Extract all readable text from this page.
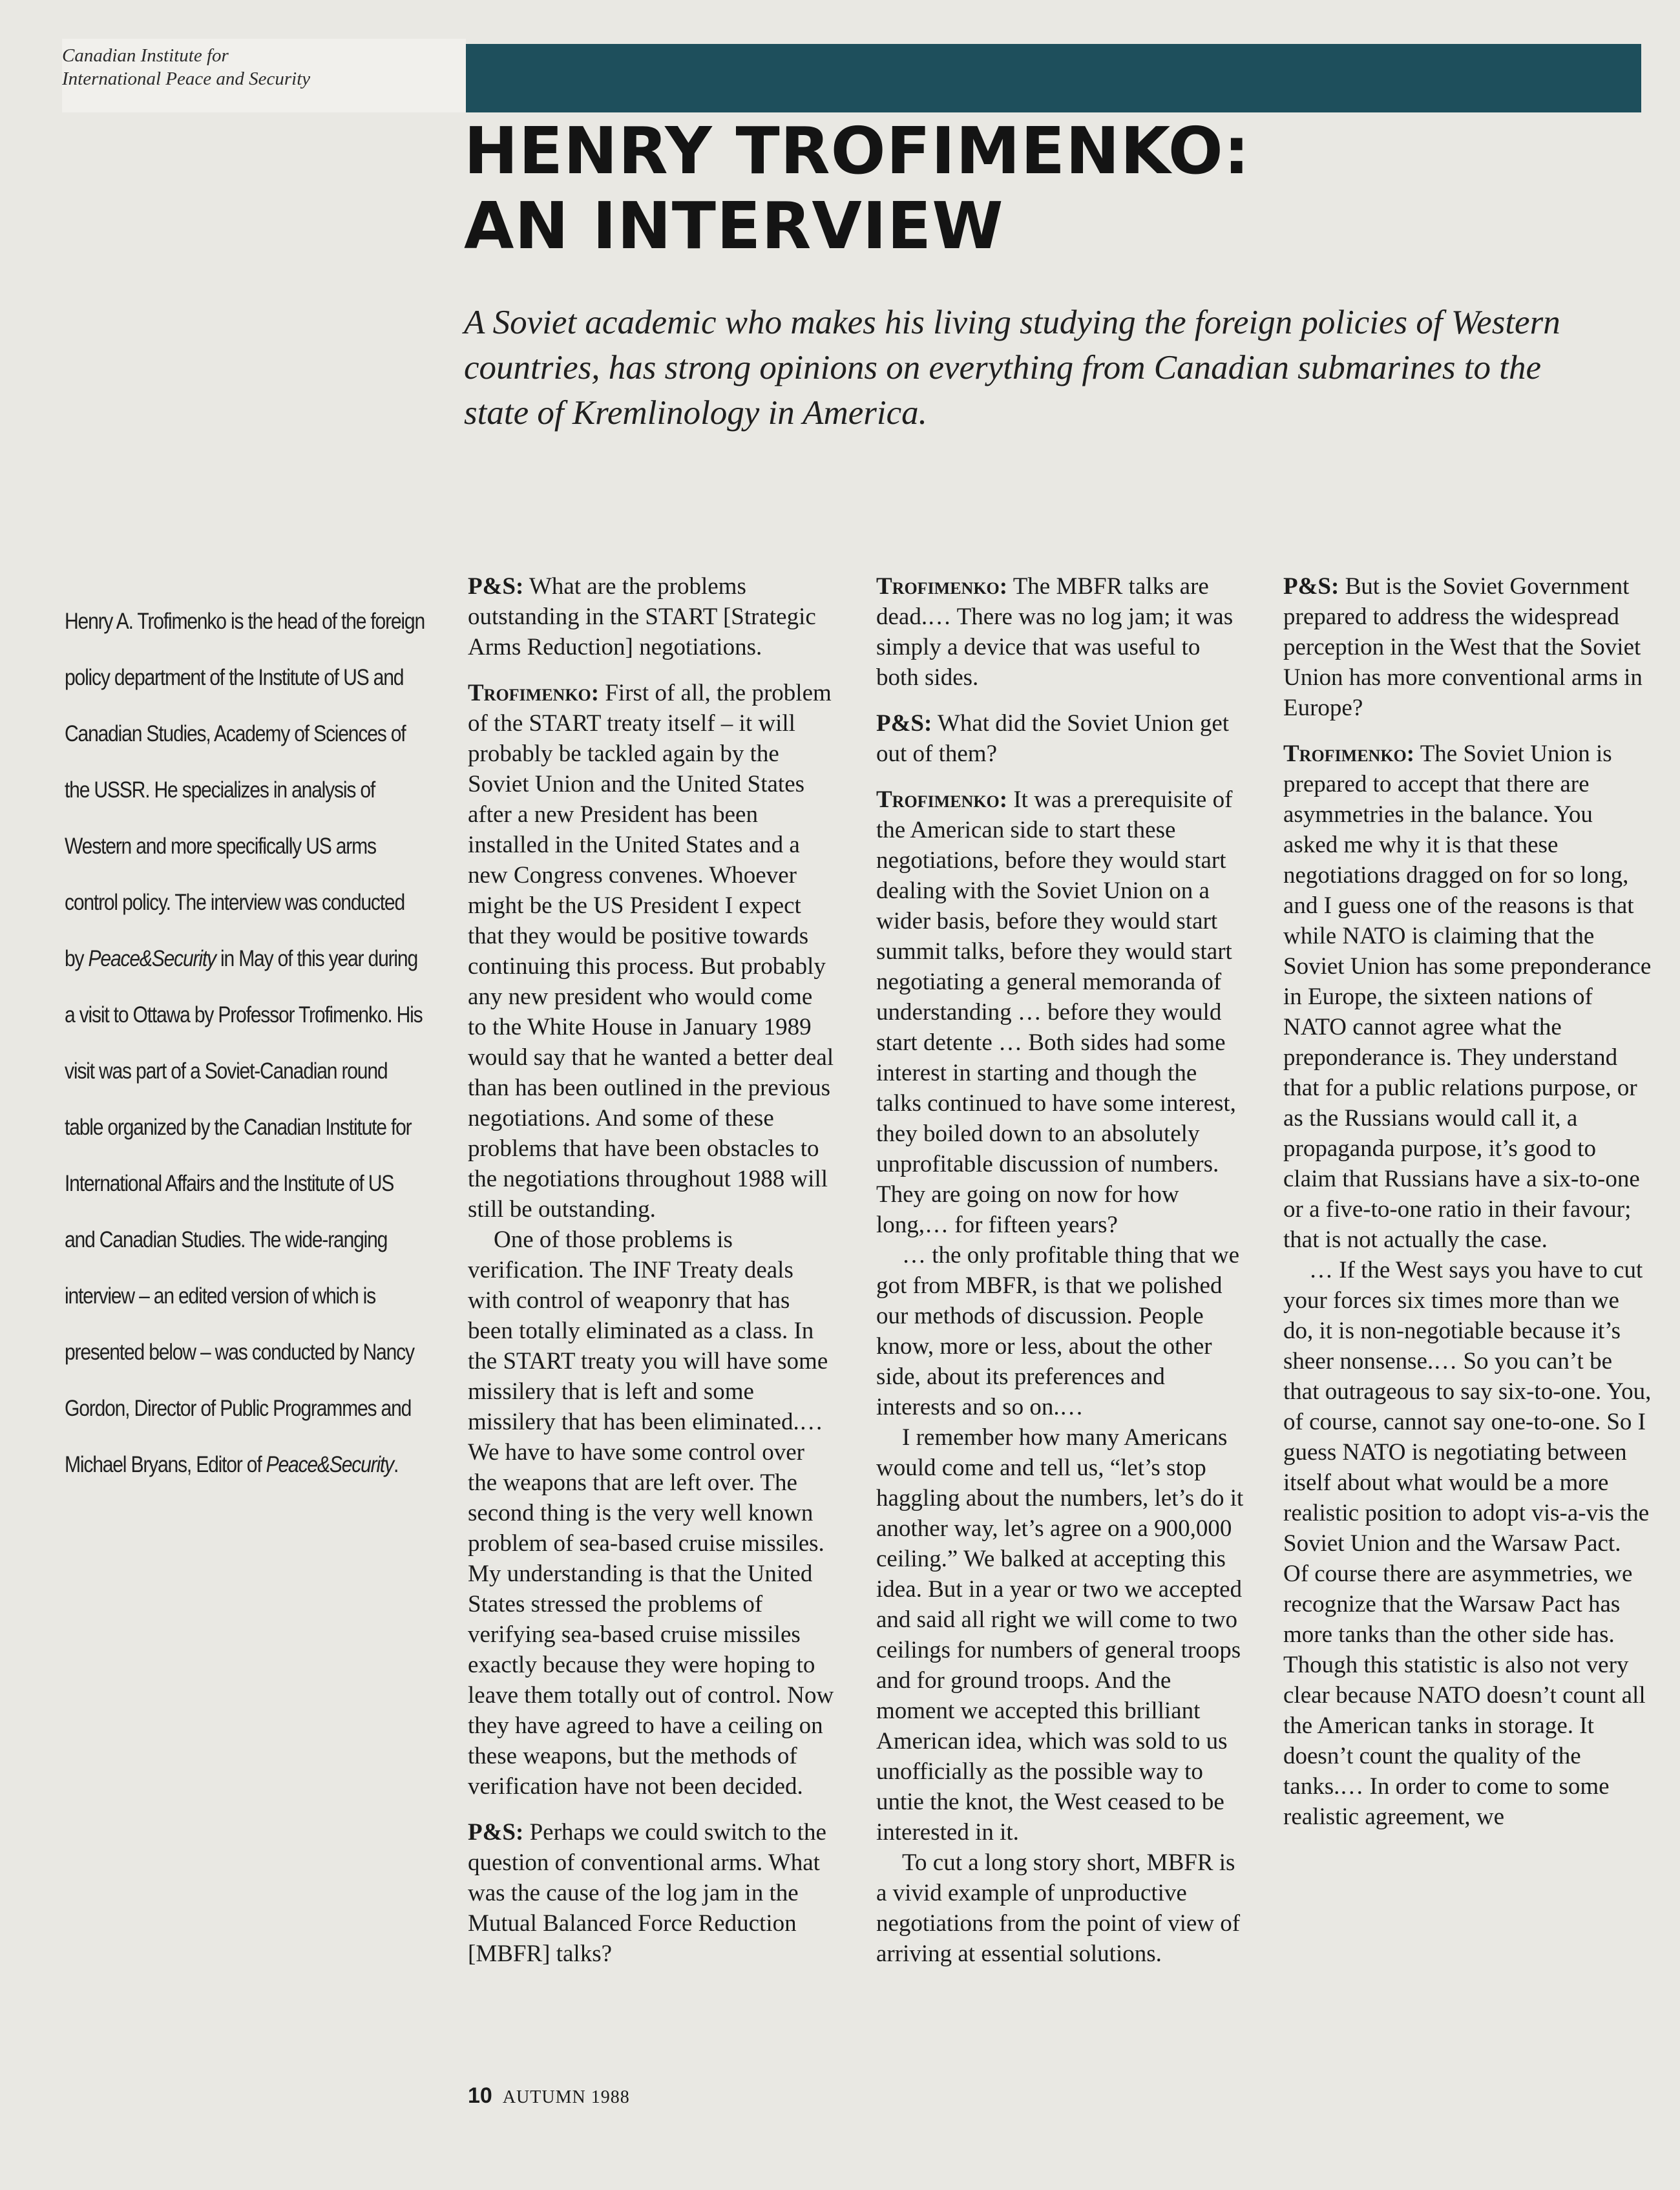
Canadian Institute for
International Peace and Security
HENRY TROFIMENKO:
AN INTERVIEW

A Soviet academic who makes his living studying the foreign policies of Western countries, has strong opinions on everything from Canadian submarines to the state of Kremlinology in America.

Henry A. Trofimenko is the head of the foreign policy department of the Institute of US and Canadian Studies, Academy of Sciences of the USSR. He specializes in analysis of Western and more specifically US arms control policy. The interview was conducted by Peace&Security in May of this year during a visit to Ottawa by Professor Trofimenko. His visit was part of a Soviet-Canadian round table organized by the Canadian Institute for International Affairs and the Institute of US and Canadian Studies. The wide-ranging interview – an edited version of which is presented below – was conducted by Nancy Gordon, Director of Public Programmes and Michael Bryans, Editor of Peace&Security.

P&S: What are the problems outstanding in the START [Strategic Arms Reduction] negotiations.

Trofimenko: First of all, the problem of the START treaty itself – it will probably be tackled again by the Soviet Union and the United States after a new President has been installed in the United States and a new Congress convenes. Whoever might be the US President I expect that they would be positive towards continuing this process. But probably any new president who would come to the White House in January 1989 would say that he wanted a better deal than has been outlined in the previous negotiations. And some of these problems that have been obstacles to the negotiations throughout 1988 will still be outstanding.

One of those problems is verification. The INF Treaty deals with control of weaponry that has been totally eliminated as a class. In the START treaty you will have some missilery that is left and some missilery that has been eliminated.… We have to have some control over the weapons that are left over. The second thing is the very well known problem of sea-based cruise missiles. My understanding is that the United States stressed the problems of verifying sea-based cruise missiles exactly because they were hoping to leave them totally out of control. Now they have agreed to have a ceiling on these weapons, but the methods of verification have not been decided.

P&S: Perhaps we could switch to the question of conventional arms. What was the cause of the log jam in the Mutual Balanced Force Reduction [MBFR] talks?

Trofimenko: The MBFR talks are dead.… There was no log jam; it was simply a device that was useful to both sides.

P&S: What did the Soviet Union get out of them?

Trofimenko: It was a prerequisite of the American side to start these negotiations, before they would start dealing with the Soviet Union on a wider basis, before they would start summit talks, before they would start negotiating a general memoranda of understanding … before they would start detente … Both sides had some interest in starting and though the talks continued to have some interest, they boiled down to an absolutely unprofitable discussion of numbers. They are going on now for how long,… for fifteen years?

… the only profitable thing that we got from MBFR, is that we polished our methods of discussion. People know, more or less, about the other side, about its preferences and interests and so on.…

I remember how many Americans would come and tell us, “let’s stop haggling about the numbers, let’s do it another way, let’s agree on a 900,000 ceiling.” We balked at accepting this idea. But in a year or two we accepted and said all right we will come to two ceilings for numbers of general troops and for ground troops. And the moment we accepted this brilliant American idea, which was sold to us unofficially as the possible way to untie the knot, the West ceased to be interested in it.

To cut a long story short, MBFR is a vivid example of unproductive negotiations from the point of view of arriving at essential solutions.

P&S: But is the Soviet Government prepared to address the widespread perception in the West that the Soviet Union has more conventional arms in Europe?

Trofimenko: The Soviet Union is prepared to accept that there are asymmetries in the balance. You asked me why it is that these negotiations dragged on for so long, and I guess one of the reasons is that while NATO is claiming that the Soviet Union has some preponderance in Europe, the sixteen nations of NATO cannot agree what the preponderance is. They understand that for a public relations purpose, or as the Russians would call it, a propaganda purpose, it’s good to claim that Russians have a six-to-one or a five-to-one ratio in their favour; that is not actually the case.

… If the West says you have to cut your forces six times more than we do, it is non-negotiable because it’s sheer nonsense.… So you can’t be that outrageous to say six-to-one. You, of course, cannot say one-to-one. So I guess NATO is negotiating between itself about what would be a more realistic position to adopt vis-a-vis the Soviet Union and the Warsaw Pact. Of course there are asymmetries, we recognize that the Warsaw Pact has more tanks than the other side has. Though this statistic is also not very clear because NATO doesn’t count all the American tanks in storage. It doesn’t count the quality of the tanks.… In order to come to some realistic agreement, we

10 AUTUMN 1988
